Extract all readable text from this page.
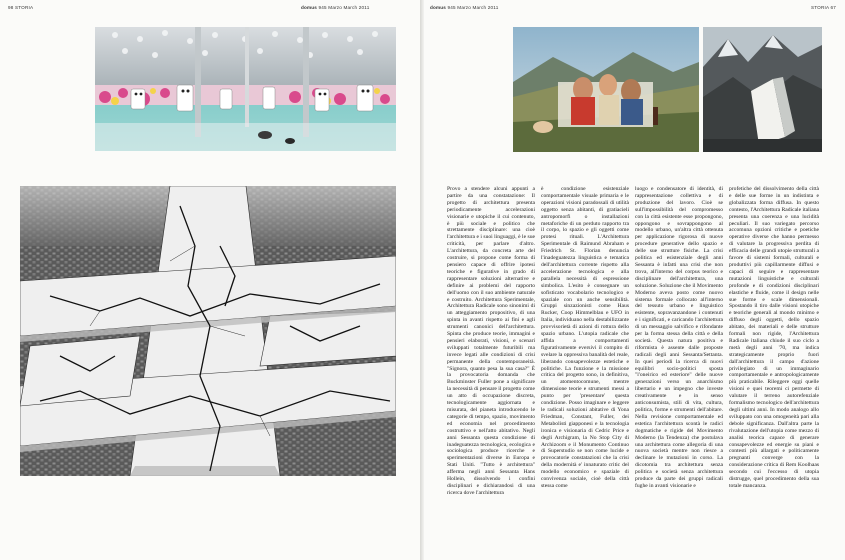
98 STORIA	domus 945 Marzo March 2011	domus 945 Marzo March 2011	STORIA 67

Provo a stendere alcuni appunti a partire da una constatazione: Il progetto di architettura presenta periodicamente accelerazioni visionarie e utopiche il cui contenuto, è più sociale e politico che strettamente disciplinare: una cioè l'architettura e i suoi linguaggi, è le sue criticità, per parlare d'altro. L'architettura, da concreta arte del costruire, si propone come forma di pensiero capace di offrire ipotesi teoriche e figurative in grado di rappresentare soluzioni alternative e definire ai problemi del rapporto dell'uomo con il suo ambiente naturale e costruito. Architettura Sperimentale, Architettura Radicale sono sinonimi di un atteggiamento propositivo, di una spinta in avanti rispetto ai fini e agli strumenti canonici dell'architettura. Spinta che produce teorie, immagini e pensieri elaborati, visioni, e scenari sviluppati totalmente futuribili ma invece legati alle condizioni di crisi permanente della contemporaneità. "Signora, quanto pesa la sua casa?" È la provocatoria domanda che Buckminster Fuller pone a significare la necessità di pensare il progetto come un atto di occupazione discreta, tecnologicamente aggiornata e misurata, del pianeta introducendo le categorie di tempo, spazio, movimento ed economia nel procedimento costruttivo e nell'atto abitativo. Negli anni Sessanta questa condizione di inadeguatezza tecnologica, ecologica e sociologica produce ricerche e sperimentazioni diverse in Europa e Stati Uniti. "Tutto è architettura" afferma negli anni Sessanta Hans Hollein, dissolvendo i confini disciplinari e dichiarandosi di una ricerca dove l'architettura

è condizione esistenziale comportamentale visuale primaria e le operazioni visioni paradossali di utilità oggetto senza abitanti, di gratiacieli antropomorfi o installazioni metaforiche di un perduto rapporto tra il corpo, lo spazio e gli oggetti come protesi rituali. L'Architettura Sperimentale di Raimund Abraham e Friedrich St. Florian denuncia l'inadeguatezza linguistica e tematica dell'architettura corrente rispetto alla accelerazione tecnologica e alla parallela necessità di espressione simbolica. L'esito è consegnare un sofisticato vocabolario tecnologico e spaziale con un anche sensibilità. Gruppi sinzazionisti come Haus Rucker, Coop Himmelblau e UFO in Italia, individuano nella destabilizzante provvisorietà di azioni di rottura dello spazio urbano. L'utopia radicale che affida a comportamenti figurativamente eversivi il compito di svelare la oppressiva banalità del reale, liberando consapevolezze estetiche e politiche. La funzione e la missione critica del progetto sono, in definitiva, un atomentocomune, mentre dimensione teorie e strumenti messi a punto per 'presentare' questa condizione. Posso imaginare e leggere le radicali soluzioni abitative di Yona Friedman, Constant, Fuller, dei Metabolisti giapponesi e la tecnologia ironica e visionaria di Cedric Price e degli Archigram, la No Stop City di Archizoom e il Monumento Continuo di Superstudio se non come lucide e provocatorie constatazioni che la crisi della modernità e' innaturato critic del modello economico e spaziale di convivenza sociale, cioè della città stessa come

luogo e condensatore di identità, di rappresentazione collettiva e di produzione del lavoro. Cioè se sull'impossibilità del compromesso con la città esistente esse propongono, oppongono e sovrappongono al modello urbano, un'altra città ottenuta per applicazione rigorosa di nuove procedure generative dello spazio e delle sue strutture fisiche. La crisi politica ed esistenziale degli anni Sessanta è infatti una crisi che non trova, all'interno del corpus teorico e disciplinare dell'architettura, una soluzione. Soluzione che il Movimento Moderno aveva posto come nuovo sistema formale collocato all'interno del tessuto urbano e linguistico esistente, sopravanzandone i contenuti e i significati, e caricando l'architettura di un messaggio salvifico e rifondante per la forma stessa della città e della società. Questa natura positiva e riformista è assente dalle proposte radicali degli anni Sessanta/Settanta. In quei periodi la ricerca di nuovi equilibri socio-politici sposta "l'oneirico ed esteriore" delle nuove generazioni verso un anarchismo libertario e un impegno che investe creativamente e in senso anticonsumista, stili di vita, cultura, politica, forme e strumenti dell'abitare. Nella revisione comportamentale ed estetica l'architettura scontà le radici dogmatiche e rigide del Movimento Moderno (la Tendenza) che postulava una architettura come allegoria di una nuova società mentre non riesce a declinare le mutazioni in corso. La dicotomia tra architettura senza politica e società senza architettura produce da parte dei gruppi radicali fughe in avanti visionarie e

profetiche del dissolvimento della città e delle sue forme in un indistinta e globalizzata forma diffusa. In questo contesto, l'Architettura Radicale italiana presenta una coerenza e una lucidità peculiari. Il suo variegato percorso accomuna opzioni critiche e poetiche operative diverse che hanno permesso di valutare la progressiva perdita di efficacia delle grandi utopie strutturali a favore di sistemi formali, culturali e produttivi più capillarmente diffusi e capaci di seguire e rappresentare mutazioni linguistiche e culturali profonde e di condizioni disciplinari elastiche e fluide, come il design nelle sue forme e scale dimensionali. Spostando il tiro dalle visioni utopiche e teoriche generali al mondo minimo e diffuso degli oggetti, dello spazio abitato, dei materiali e delle strutture formali non rigide, l'Architettura Radicale italiana chiude il suo ciclo a metà degli anni '70, ma indica strategicamente proprio fuori dall'architettura il campo d'azione privilegiato di un immaginario comportamentale e antropologicamente più praticabile. Rileggere oggi quelle visioni e quei teoremi ci permette di valutare il terreno autorefenziale formalismo tecnologico dell'architettura degli ultimi anni. In modo analogo allo sviluppato con una omogeneità pari alla debole significanza. Dall'altra parte la rivalutazione dell'utopia come mezzo di analisi teorica capace di generare consapevolezze ed energie su piani e contesti più allargati e politicamente pregnanti converge con la considerazione critica di Rem Koolhaas secondo cui l'eccesso di utopia distrugge, quel procedimento della sua totale mancanza.
